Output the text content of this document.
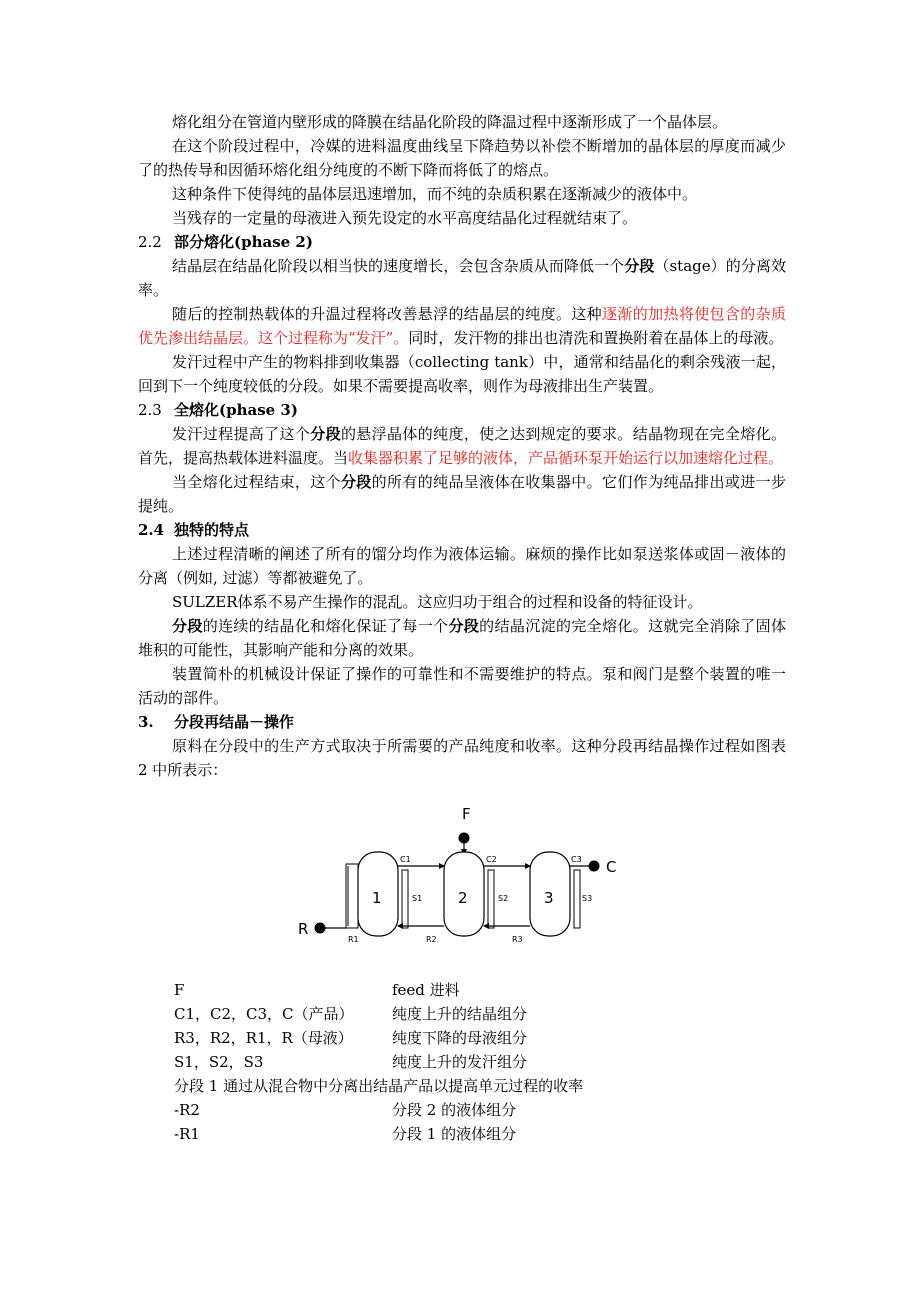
熔化组分在管道内壁形成的降膜在结晶化阶段的降温过程中逐渐形成了一个晶体层。

在这个阶段过程中，冷媒的进料温度曲线呈下降趋势以补偿不断增加的晶体层的厚度而减少了的热传导和因循环熔化组分纯度的不断下降而将低了的熔点。

这种条件下使得纯的晶体层迅速增加，而不纯的杂质积累在逐渐减少的液体中。

当残存的一定量的母液进入预先设定的水平高度结晶化过程就结束了。

2.2 部分熔化(phase 2)

结晶层在结晶化阶段以相当快的速度增长，会包含杂质从而降低一个分段（stage）的分离效率。

随后的控制热载体的升温过程将改善悬浮的结晶层的纯度。这种逐渐的加热将使包含的杂质优先渗出结晶层。这个过程称为“发汗”。同时，发汗物的排出也清洗和置换附着在晶体上的母液。

发汗过程中产生的物料排到收集器（collecting tank）中，通常和结晶化的剩余残液一起，回到下一个纯度较低的分段。如果不需要提高收率，则作为母液排出生产装置。

2.3 全熔化(phase 3)

发汗过程提高了这个分段的悬浮晶体的纯度，使之达到规定的要求。结晶物现在完全熔化。首先，提高热载体进料温度。当收集器积累了足够的液体，产品循环泵开始运行以加速熔化过程。

当全熔化过程结束，这个分段的所有的纯品呈液体在收集器中。它们作为纯品排出或进一步提纯。

2.4 独特的特点

上述过程清晰的阐述了所有的馏分均作为液体运输。麻烦的操作比如泵送浆体或固－液体的分离（例如, 过滤）等都被避免了。

SULZER体系不易产生操作的混乱。这应归功于组合的过程和设备的特征设计。

分段的连续的结晶化和熔化保证了每一个分段的结晶沉淀的完全熔化。这就完全消除了固体堆积的可能性，其影响产能和分离的效果。

装置简朴的机械设计保证了操作的可靠性和不需要维护的特点。泵和阀门是整个装置的唯一活动的部件。

3. 分段再结晶－操作

原料在分段中的生产方式取决于所需要的产品纯度和收率。这种分段再结晶操作过程如图表 2 中所表示：

F
1	2	3
C1	C2	C3 C
S1	S2	S3
R1	R2	R3
R
F	feed 进料
C1，C2，C3，C（产品）	纯度上升的结晶组分
R3，R2，R1，R（母液）	纯度下降的母液组分
S1，S2，S3	纯度上升的发汗组分
分段 1 通过从混合物中分离出结晶产品以提高单元过程的收率
-R2	分段 2 的液体组分
-R1	分段 1 的液体组分
